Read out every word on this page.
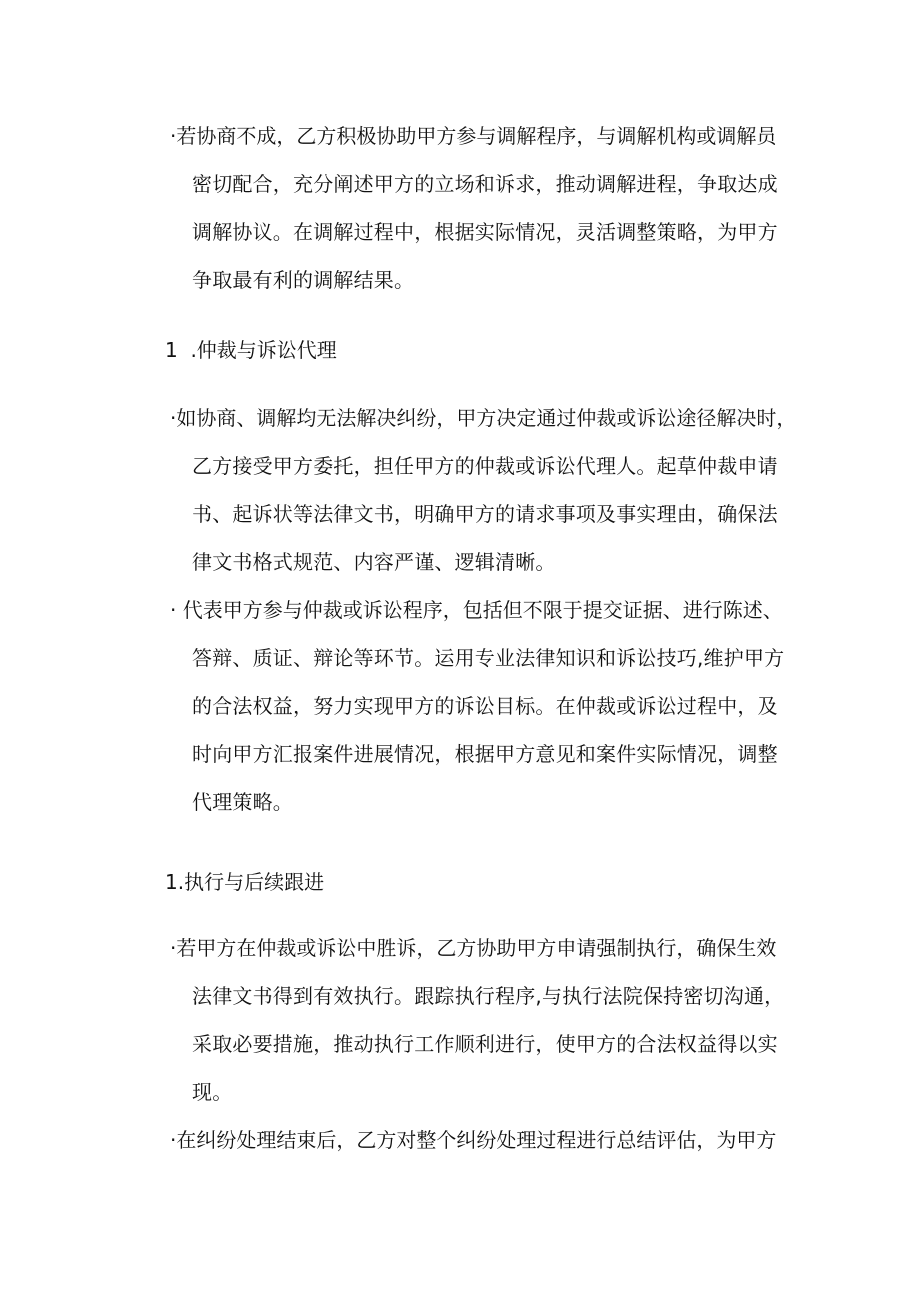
·若协商不成，乙方积极协助甲方参与调解程序，与调解机构或调解员
密切配合，充分阐述甲方的立场和诉求，推动调解进程，争取达成
调解协议。在调解过程中，根据实际情况，灵活调整策略，为甲方
争取最有利的调解结果。
1  .仲裁与诉讼代理
·如协商、调解均无法解决纠纷，甲方决定通过仲裁或诉讼途径解决时，
乙方接受甲方委托，担任甲方的仲裁或诉讼代理人。起草仲裁申请
书、起诉状等法律文书，明确甲方的请求事项及事实理由，确保法
律文书格式规范、内容严谨、逻辑清晰。
· 代表甲方参与仲裁或诉讼程序，包括但不限于提交证据、进行陈述、
答辩、质证、辩论等环节。运用专业法律知识和诉讼技巧,维护甲方
的合法权益，努力实现甲方的诉讼目标。在仲裁或诉讼过程中，及
时向甲方汇报案件进展情况，根据甲方意见和案件实际情况，调整
代理策略。
1.执行与后续跟进
·若甲方在仲裁或诉讼中胜诉，乙方协助甲方申请强制执行，确保生效
法律文书得到有效执行。跟踪执行程序,与执行法院保持密切沟通，
采取必要措施，推动执行工作顺利进行，使甲方的合法权益得以实
现。
·在纠纷处理结束后，乙方对整个纠纷处理过程进行总结评估，为甲方
